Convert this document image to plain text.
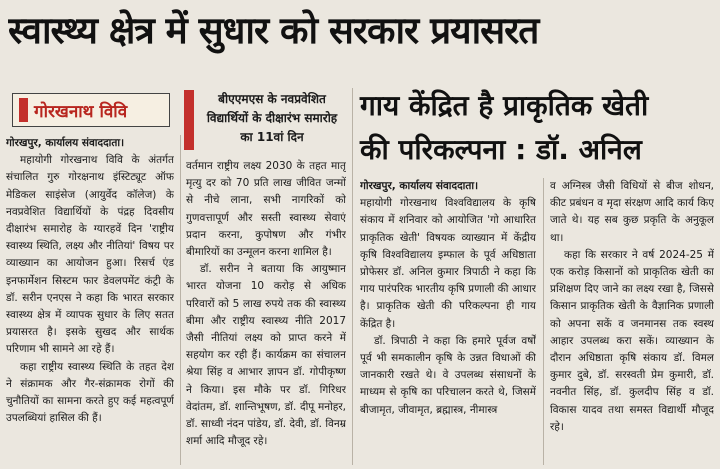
स्वास्थ्य क्षेत्र में सुधार को सरकार प्रयासरत
गोरखनाथ विवि
बीएएमएस के नवप्रवेशित विद्यार्थियों के दीक्षारंभ समारोह का 11वां दिन

गोरखपुर, कार्यालय संवाददाता।

महायोगी गोरखनाथ विवि के अंतर्गत संचालित गुरु गोरक्षनाथ इंस्टिट्यूट ऑफ मेडिकल साइंसेज (आयुर्वेद कॉलेज) के नवप्रवेशित विद्यार्थियों के पंद्रह दिवसीय दीक्षारंभ समारोह के ग्यारहवें दिन 'राष्ट्रीय स्वास्थ्य स्थिति, लक्ष्य और नीतियां' विषय पर व्याख्यान का आयोजन हुआ। रिसर्च एंड इनफार्मेशन सिस्टम फार डेवलपमेंट कंट्री के डॉ. सरीन एनएस ने कहा कि भारत सरकार स्वास्थ्य क्षेत्र में व्यापक सुधार के लिए सतत प्रयासरत है। इसके सुखद और सार्थक परिणाम भी सामने आ रहे हैं।

कहा राष्ट्रीय स्वास्थ्य स्थिति के तहत देश ने संक्रामक और गैर-संक्रामक रोगों की चुनौतियों का सामना करते हुए कई महत्वपूर्ण उपलब्धियां हासिल की हैं।

वर्तमान राष्ट्रीय लक्ष्य 2030 के तहत मातृ मृत्यु दर को 70 प्रति लाख जीवित जन्मों से नीचे लाना, सभी नागरिकों को गुणवत्तापूर्ण और सस्ती स्वास्थ्य सेवाएं प्रदान करना, कुपोषण और गंभीर बीमारियों का उन्मूलन करना शामिल है।

डॉ. सरीन ने बताया कि आयुष्मान भारत योजना 10 करोड़ से अधिक परिवारों को 5 लाख रुपये तक की स्वास्थ्य बीमा और राष्ट्रीय स्वास्थ्य नीति 2017 जैसी नीतियां लक्ष्य को प्राप्त करने में सहयोग कर रही हैं। कार्यक्रम का संचालन श्रेया सिंह व आभार ज्ञापन डॉ. गोपीकृष्ण ने किया। इस मौके पर डॉ. गिरिधर वेदांतम, डॉ. शान्तिभूषण, डॉ. दीपू मनोहर, डॉ. साध्वी नंदन पांडेय, डॉ. देवी, डॉ. विनम्र शर्मा आदि मौजूद रहे।

गाय केंद्रित है प्राकृतिक खेती
की परिकल्पना : डॉ. अनिल

गोरखपुर, कार्यालय संवाददाता।

महायोगी गोरखनाथ विश्वविद्यालय के कृषि संकाय में शनिवार को आयोजित 'गो आधारित प्राकृतिक खेती' विषयक व्याख्यान में केंद्रीय कृषि विश्वविद्यालय इम्फाल के पूर्व अधिष्ठाता प्रोफेसर डॉ. अनिल कुमार त्रिपाठी ने कहा कि गाय पारंपरिक भारतीय कृषि प्रणाली की आधार है। प्राकृतिक खेती की परिकल्पना ही गाय केंद्रित है।

डॉ. त्रिपाठी ने कहा कि हमारे पूर्वज वर्षों पूर्व भी समकालीन कृषि के उन्नत विधाओं की जानकारी रखते थे। वे उपलब्ध संसाधनों के माध्यम से कृषि का परिचालन करते थे, जिसमें बीजामृत, जीवामृत, ब्रह्मास्त्र, नीमास्त्र

व अग्निस्त्र जैसी विधियों से बीज शोधन, कीट प्रबंधन व मृदा संरक्षण आदि कार्य किए जाते थे। यह सब कुछ प्रकृति के अनुकूल था।

कहा कि सरकार ने वर्ष 2024-25 में एक करोड़ किसानों को प्राकृतिक खेती का प्रशिक्षण दिए जाने का लक्ष्य रखा है, जिससे किसान प्राकृतिक खेती के वैज्ञानिक प्रणाली को अपना सकें व जनमानस तक स्वस्थ आहार उपलब्ध करा सकें। व्याख्यान के दौरान अधिष्ठाता कृषि संकाय डॉ. विमल कुमार दुबे, डॉ. सरस्वती प्रेम कुमारी, डॉ. नवनीत सिंह, डॉ. कुलदीप सिंह व डॉ. विकास यादव तथा समस्त विद्यार्थी मौजूद रहे।
